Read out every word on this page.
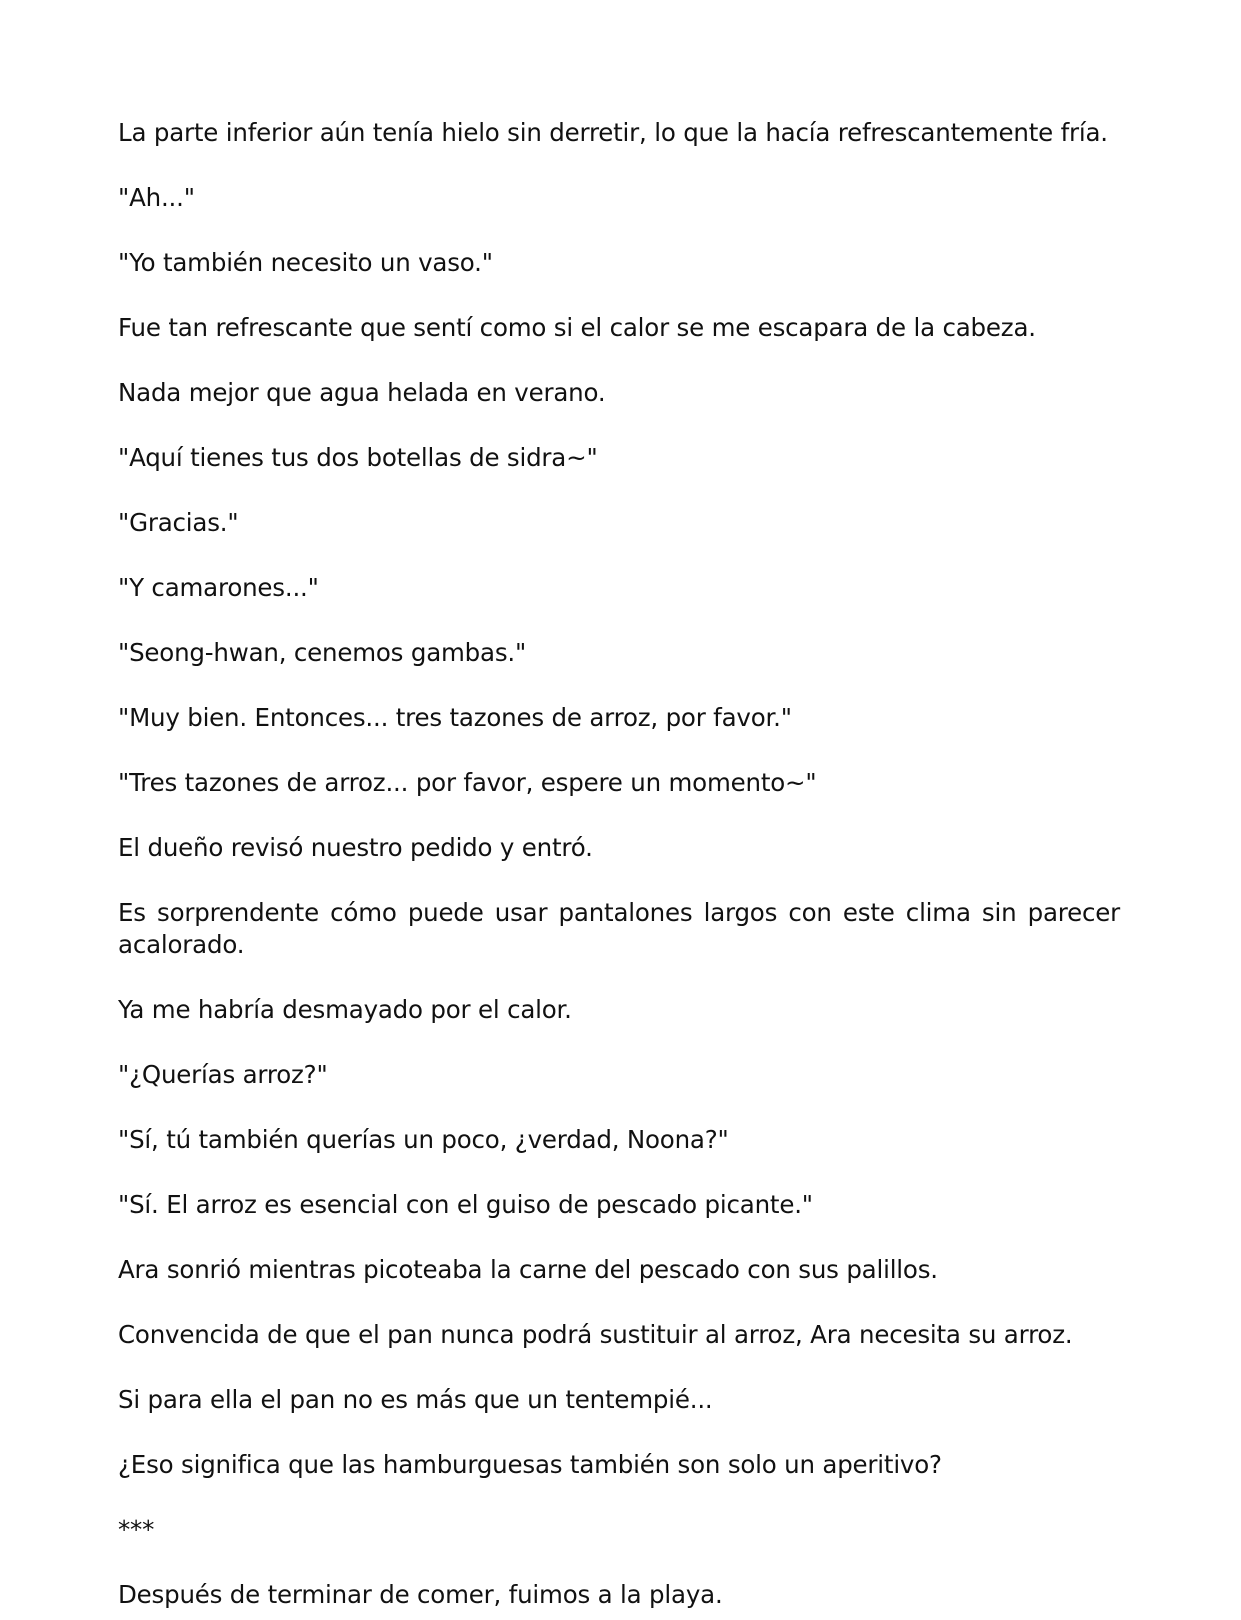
La parte inferior aún tenía hielo sin derretir, lo que la hacía refrescantemente fría.

"Ah..."

"Yo también necesito un vaso."

Fue tan refrescante que sentí como si el calor se me escapara de la cabeza.

Nada mejor que agua helada en verano.

"Aquí tienes tus dos botellas de sidra~"

"Gracias."

"Y camarones..."

"Seong-hwan, cenemos gambas."

"Muy bien. Entonces... tres tazones de arroz, por favor."

"Tres tazones de arroz... por favor, espere un momento~"

El dueño revisó nuestro pedido y entró.

Es sorprendente cómo puede usar pantalones largos con este clima sin parecer acalorado.

Ya me habría desmayado por el calor.

"¿Querías arroz?"

"Sí, tú también querías un poco, ¿verdad, Noona?"

"Sí. El arroz es esencial con el guiso de pescado picante."

Ara sonrió mientras picoteaba la carne del pescado con sus palillos.

Convencida de que el pan nunca podrá sustituir al arroz, Ara necesita su arroz.

Si para ella el pan no es más que un tentempié...

¿Eso significa que las hamburguesas también son solo un aperitivo?

***

Después de terminar de comer, fuimos a la playa.
